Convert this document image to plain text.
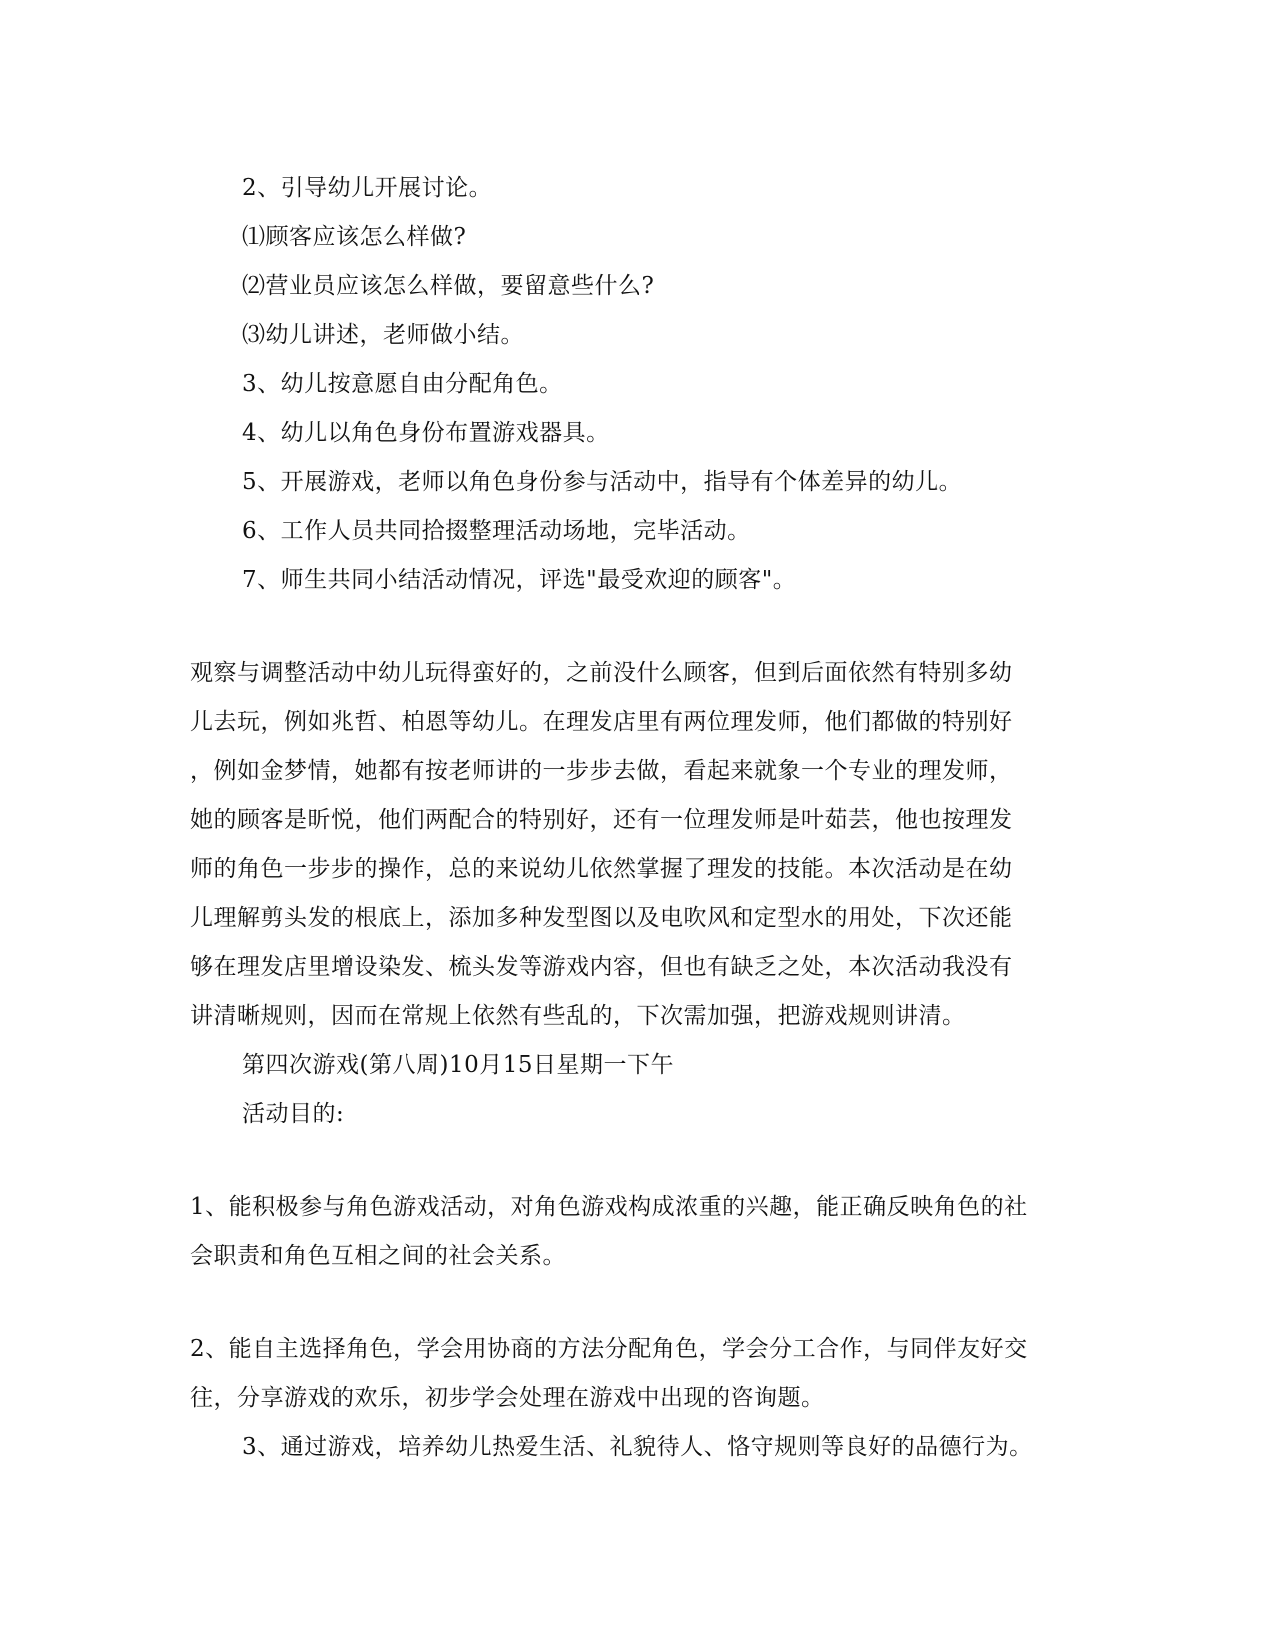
2、引导幼儿开展讨论。
⑴顾客应该怎么样做?
⑵营业员应该怎么样做，要留意些什么?
⑶幼儿讲述，老师做小结。
3、幼儿按意愿自由分配角色。
4、幼儿以角色身份布置游戏器具。
5、开展游戏，老师以角色身份参与活动中，指导有个体差异的幼儿。
6、工作人员共同拾掇整理活动场地，完毕活动。
7、师生共同小结活动情况，评选"最受欢迎的顾客"。
观察与调整活动中幼儿玩得蛮好的，之前没什么顾客，但到后面依然有特别多幼
儿去玩，例如兆哲、柏恩等幼儿。在理发店里有两位理发师，他们都做的特别好
，例如金梦情，她都有按老师讲的一步步去做，看起来就象一个专业的理发师，
她的顾客是昕悦，他们两配合的特别好，还有一位理发师是叶茹芸，他也按理发
师的角色一步步的操作，总的来说幼儿依然掌握了理发的技能。本次活动是在幼
儿理解剪头发的根底上，添加多种发型图以及电吹风和定型水的用处，下次还能
够在理发店里增设染发、梳头发等游戏内容，但也有缺乏之处，本次活动我没有
讲清晰规则，因而在常规上依然有些乱的，下次需加强，把游戏规则讲清。
第四次游戏(第八周)10月15日星期一下午
活动目的:
1、能积极参与角色游戏活动，对角色游戏构成浓重的兴趣，能正确反映角色的社
会职责和角色互相之间的社会关系。
2、能自主选择角色，学会用协商的方法分配角色，学会分工合作，与同伴友好交
往，分享游戏的欢乐，初步学会处理在游戏中出现的咨询题。
3、通过游戏，培养幼儿热爱生活、礼貌待人、恪守规则等良好的品德行为。
